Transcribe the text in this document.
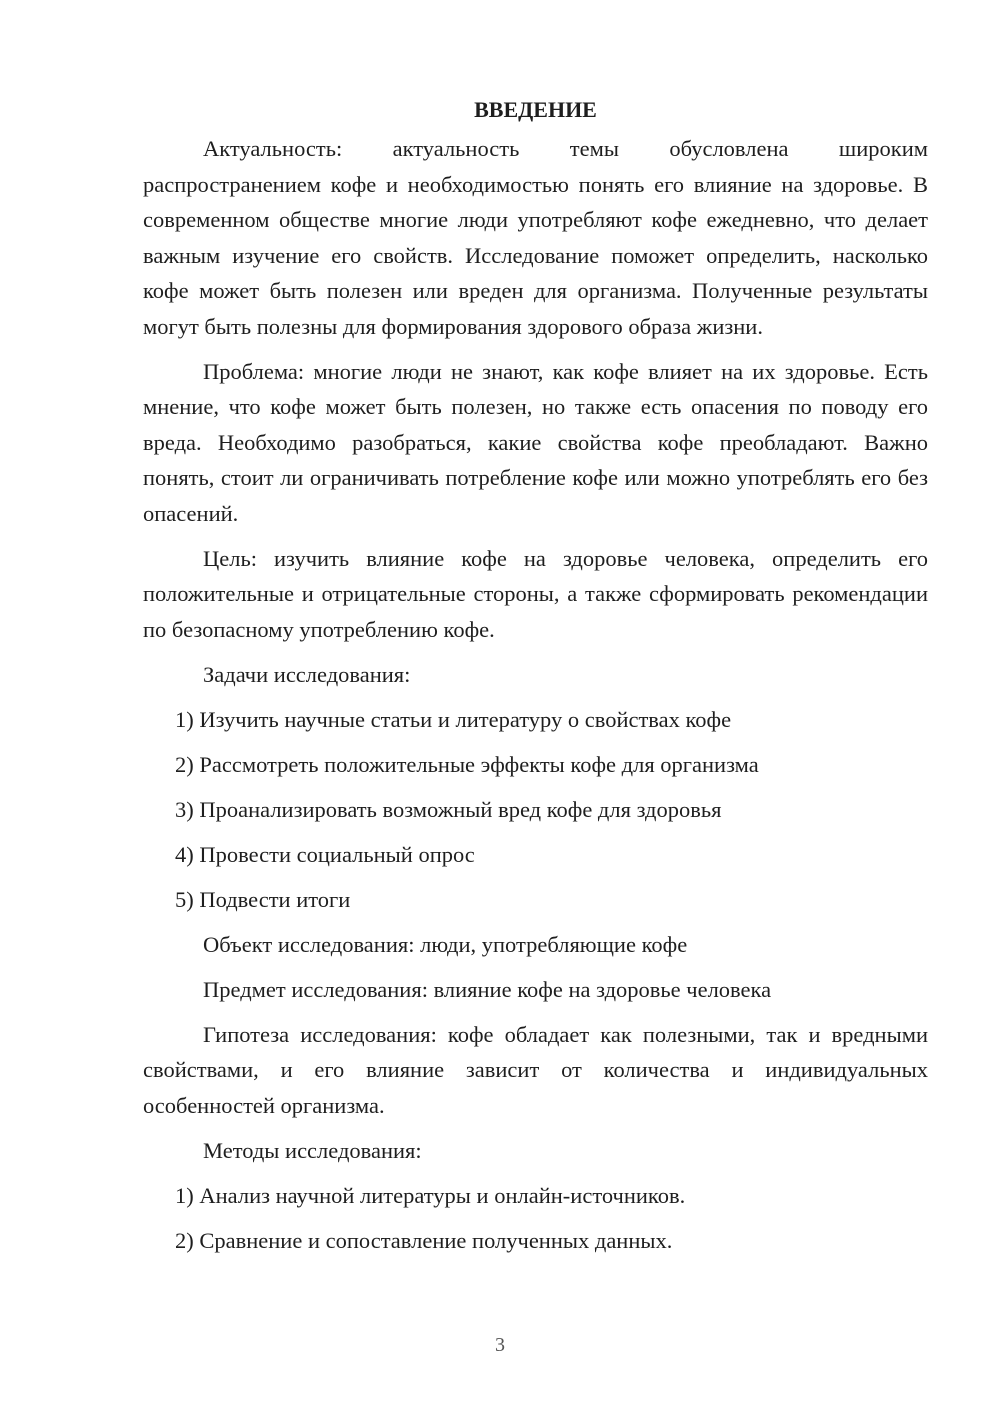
ВВЕДЕНИЕ
Актуальность: актуальность темы обусловлена широким распространением кофе и необходимостью понять его влияние на здоровье. В современном обществе многие люди употребляют кофе ежедневно, что делает важным изучение его свойств. Исследование поможет определить, насколько кофе может быть полезен или вреден для организма. Полученные результаты могут быть полезны для формирования здорового образа жизни.
Проблема: многие люди не знают, как кофе влияет на их здоровье. Есть мнение, что кофе может быть полезен, но также есть опасения по поводу его вреда. Необходимо разобраться, какие свойства кофе преобладают. Важно понять, стоит ли ограничивать потребление кофе или можно употреблять его без опасений.
Цель: изучить влияние кофе на здоровье человека, определить его положительные и отрицательные стороны, а также сформировать рекомендации по безопасному употреблению кофе.
Задачи исследования:
1) Изучить научные статьи и литературу о свойствах кофе
2) Рассмотреть положительные эффекты кофе для организма
3) Проанализировать возможный вред кофе для здоровья
4) Провести социальный опрос
5) Подвести итоги
Объект исследования: люди, употребляющие кофе
Предмет исследования: влияние кофе на здоровье человека
Гипотеза исследования: кофе обладает как полезными, так и вредными свойствами, и его влияние зависит от количества и индивидуальных особенностей организма.
Методы исследования:
1) Анализ научной литературы и онлайн-источников.
2) Сравнение и сопоставление полученных данных.
3
